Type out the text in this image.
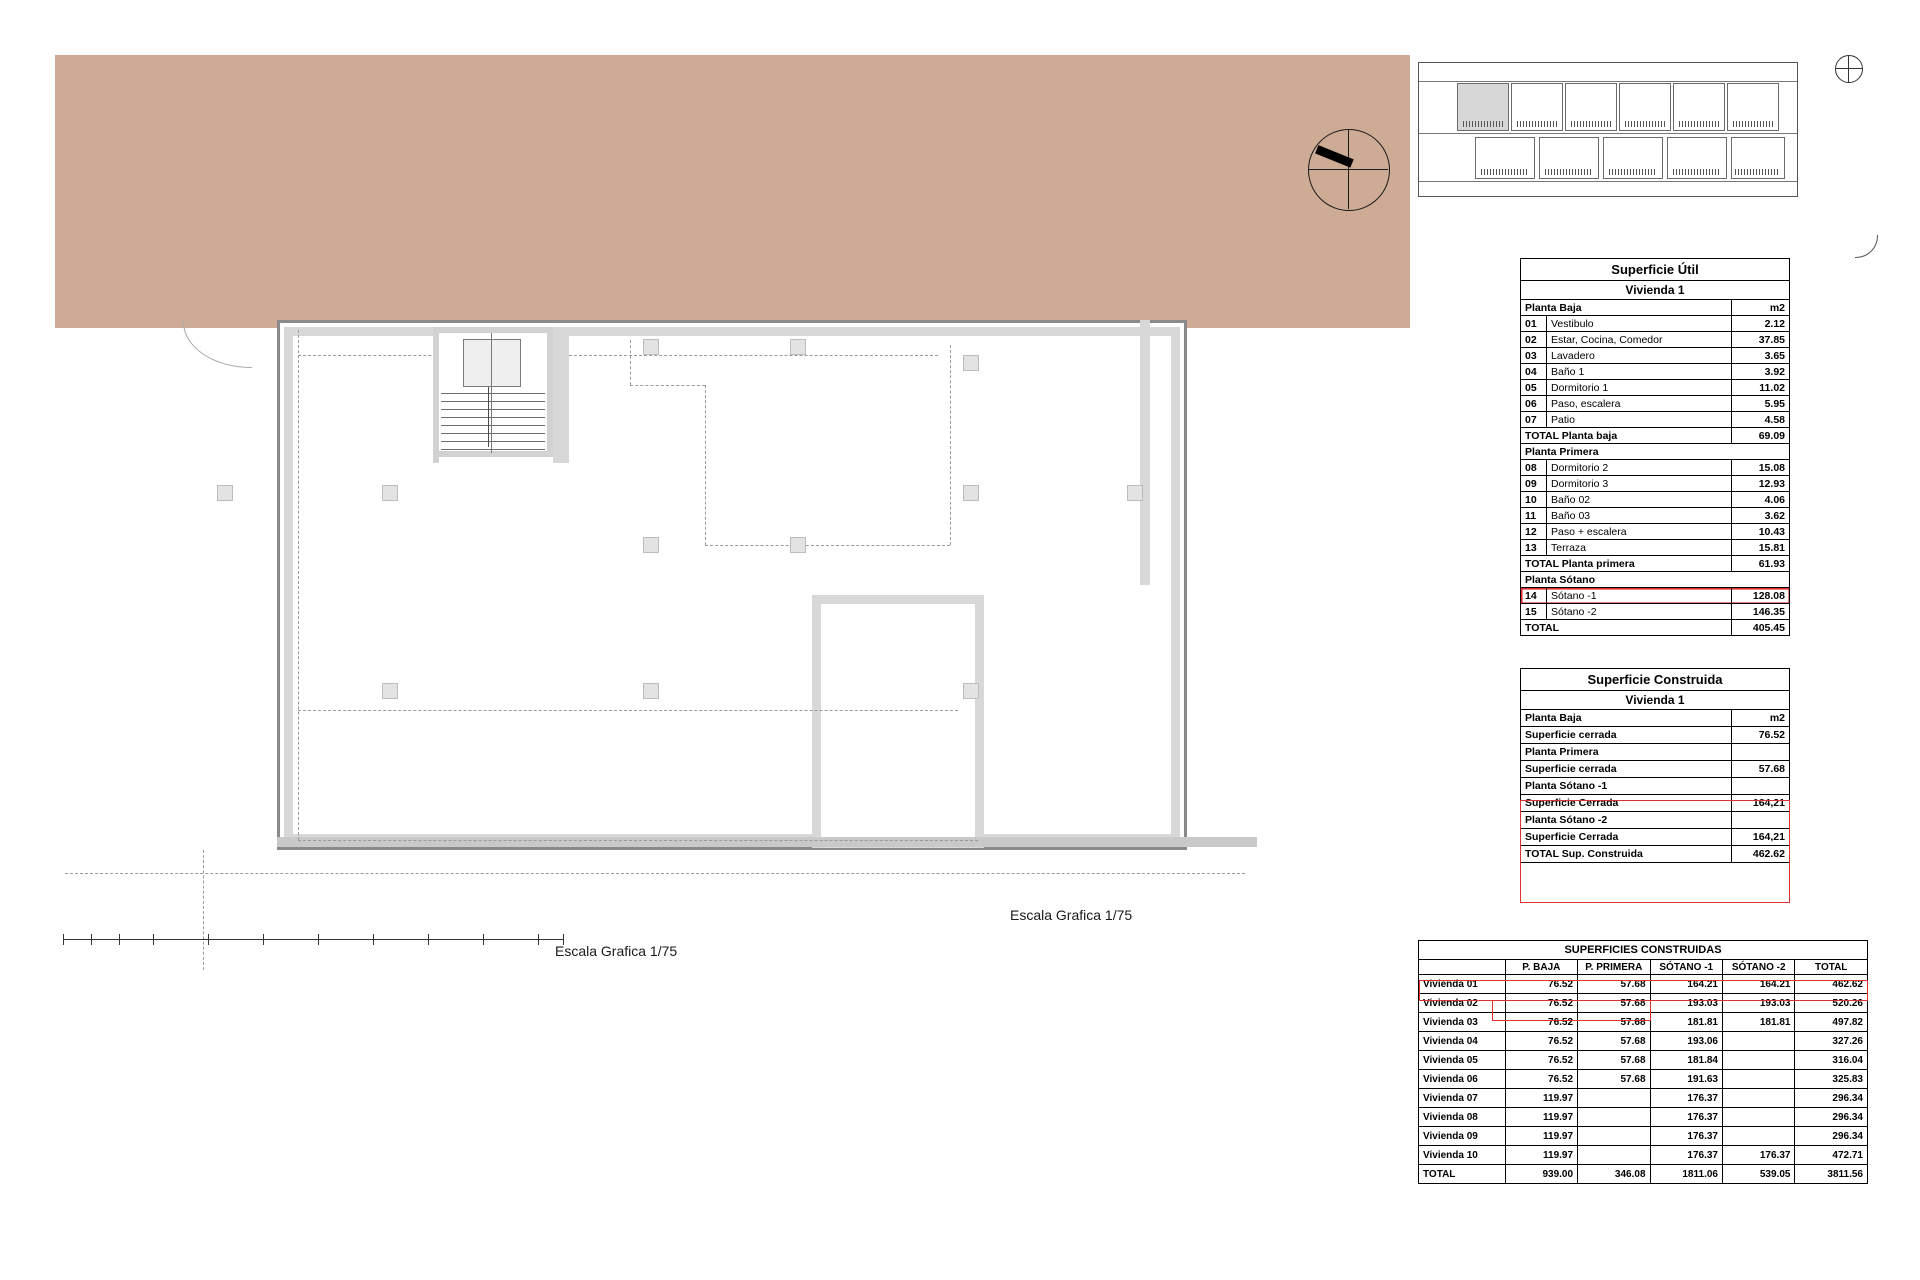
Escala Grafica 1/75
Escala Grafica 1/75
Superficie Útil		
Vivienda 1		
Planta Baja		m2
01	Vestibulo	2.12
02	Estar, Cocina, Comedor	37.85
03	Lavadero	3.65
04	Baño 1	3.92
05	Dormitorio 1	11.02
06	Paso, escalera	5.95
07	Patio	4.58
TOTAL Planta baja		69.09
Planta Primera		
08	Dormitorio 2	15.08
09	Dormitorio 3	12.93
10	Baño 02	4.06
11	Baño 03	3.62
12	Paso + escalera	10.43
13	Terraza	15.81
TOTAL Planta primera		61.93
Planta Sótano		
14	Sótano -1	128.08
15	Sótano -2	146.35
TOTAL		405.45
Superficie Construida	
Vivienda 1	
Planta Baja	m2
Superficie cerrada	76.52
Planta Primera	
Superficie cerrada	57.68
Planta Sótano -1	
Superficie Cerrada	164,21
Planta Sótano -2	
Superficie Cerrada	164,21
TOTAL Sup. Construida	462.62
SUPERFICIES CONSTRUIDAS					
	P. BAJA	P. PRIMERA	SÓTANO -1	SÓTANO -2	TOTAL
Vivienda 01	76.52	57.68	164.21	164.21	462.62
Vivienda 02	76.52	57.68	193.03	193.03	520.26
Vivienda 03	76.52	57.68	181.81	181.81	497.82
Vivienda 04	76.52	57.68	193.06		327.26
Vivienda 05	76.52	57.68	181.84		316.04
Vivienda 06	76.52	57.68	191.63		325.83
Vivienda 07	119.97		176.37		296.34
Vivienda 08	119.97		176.37		296.34
Vivienda 09	119.97		176.37		296.34
Vivienda 10	119.97		176.37	176.37	472.71
TOTAL	939.00	346.08	1811.06	539.05	3811.56
